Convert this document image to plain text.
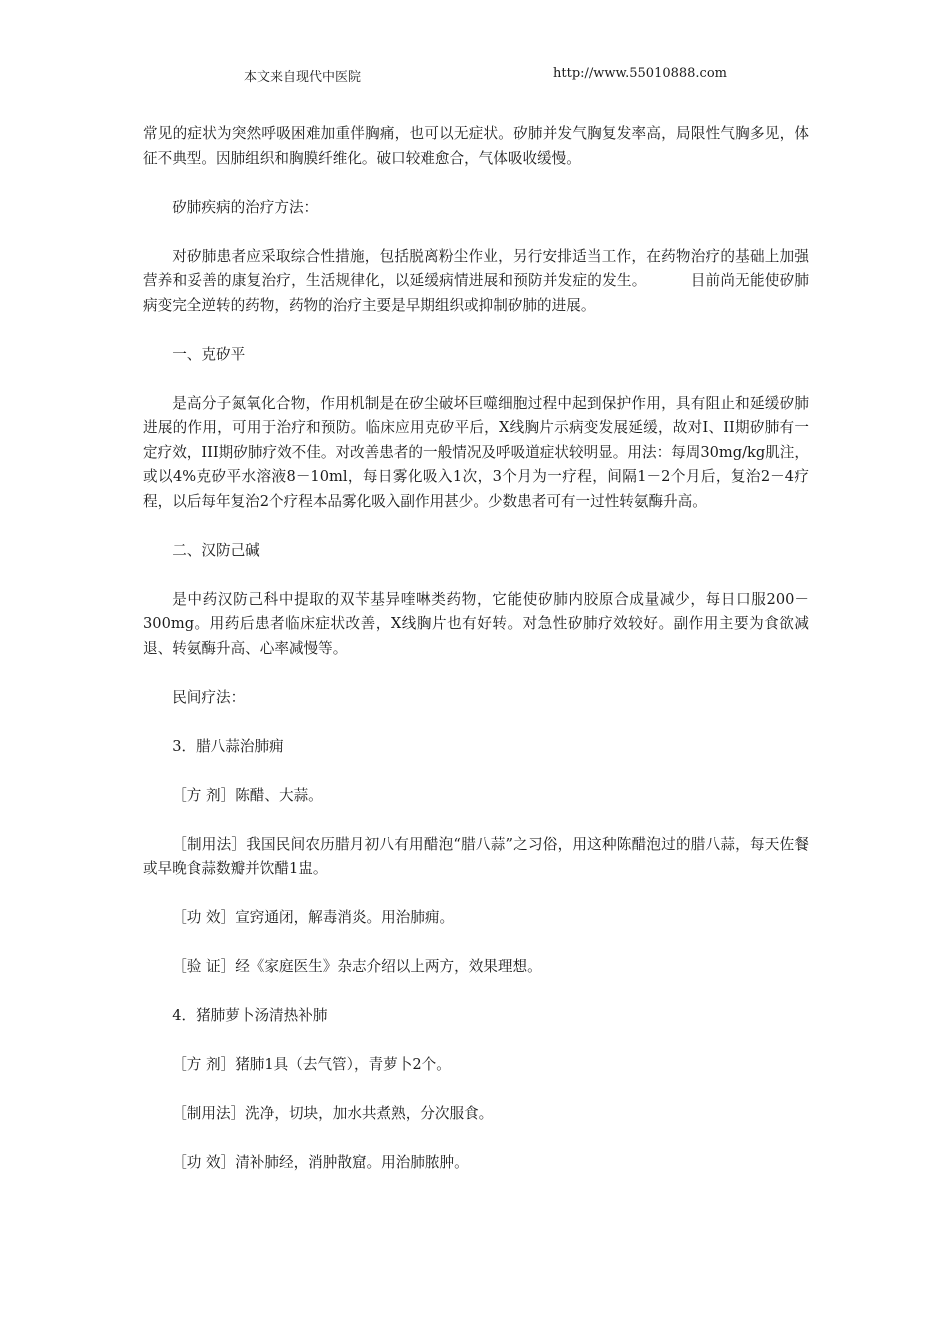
本文来自现代中医院	http://www.55010888.com

常见的症状为突然呼吸困难加重伴胸痛，也可以无症状。矽肺并发气胸复发率高，局限性气胸多见，体征不典型。因肺组织和胸膜纤维化。破口较难愈合，气体吸收缓慢。

矽肺疾病的治疗方法：

对矽肺患者应采取综合性措施，包括脱离粉尘作业，另行安排适当工作，在药物治疗的基础上加强营养和妥善的康复治疗，生活规律化，以延缓病情进展和预防并发症的发生。	目前尚无能使矽肺病变完全逆转的药物，药物的治疗主要是早期组织或抑制矽肺的进展。

一、克矽平

是高分子氮氧化合物，作用机制是在矽尘破坏巨噬细胞过程中起到保护作用，具有阻止和延缓矽肺进展的作用，可用于治疗和预防。临床应用克矽平后，X线胸片示病变发展延缓，故对I、II期矽肺有一定疗效，III期矽肺疗效不佳。对改善患者的一般情况及呼吸道症状较明显。用法：每周30mg/kg肌注，或以4%克矽平水溶液8－10ml，每日雾化吸入1次，3个月为一疗程，间隔1－2个月后，复治2－4疗程，以后每年复治2个疗程本品雾化吸入副作用甚少。少数患者可有一过性转氨酶升高。

二、汉防己碱

是中药汉防己科中提取的双苄基异喹啉类药物，它能使矽肺内胶原合成量减少，每日口服200－300mg。用药后患者临床症状改善，X线胸片也有好转。对急性矽肺疗效较好。副作用主要为食欲减退、转氨酶升高、心率减慢等。

民间疗法：

3．腊八蒜治肺痈

［方 剂］陈醋、大蒜。

［制用法］我国民间农历腊月初八有用醋泡“腊八蒜”之习俗，用这种陈醋泡过的腊八蒜，每天佐餐或早晚食蒜数瓣并饮醋1盅。

［功 效］宣窍通闭，解毒消炎。用治肺痈。

［验 证］经《家庭医生》杂志介绍以上两方，效果理想。

4．猪肺萝卜汤清热补肺

［方 剂］猪肺1具（去气管），青萝卜2个。

［制用法］洗净，切块，加水共煮熟，分次服食。

［功 效］清补肺经，消肿散窟。用治肺脓肿。
